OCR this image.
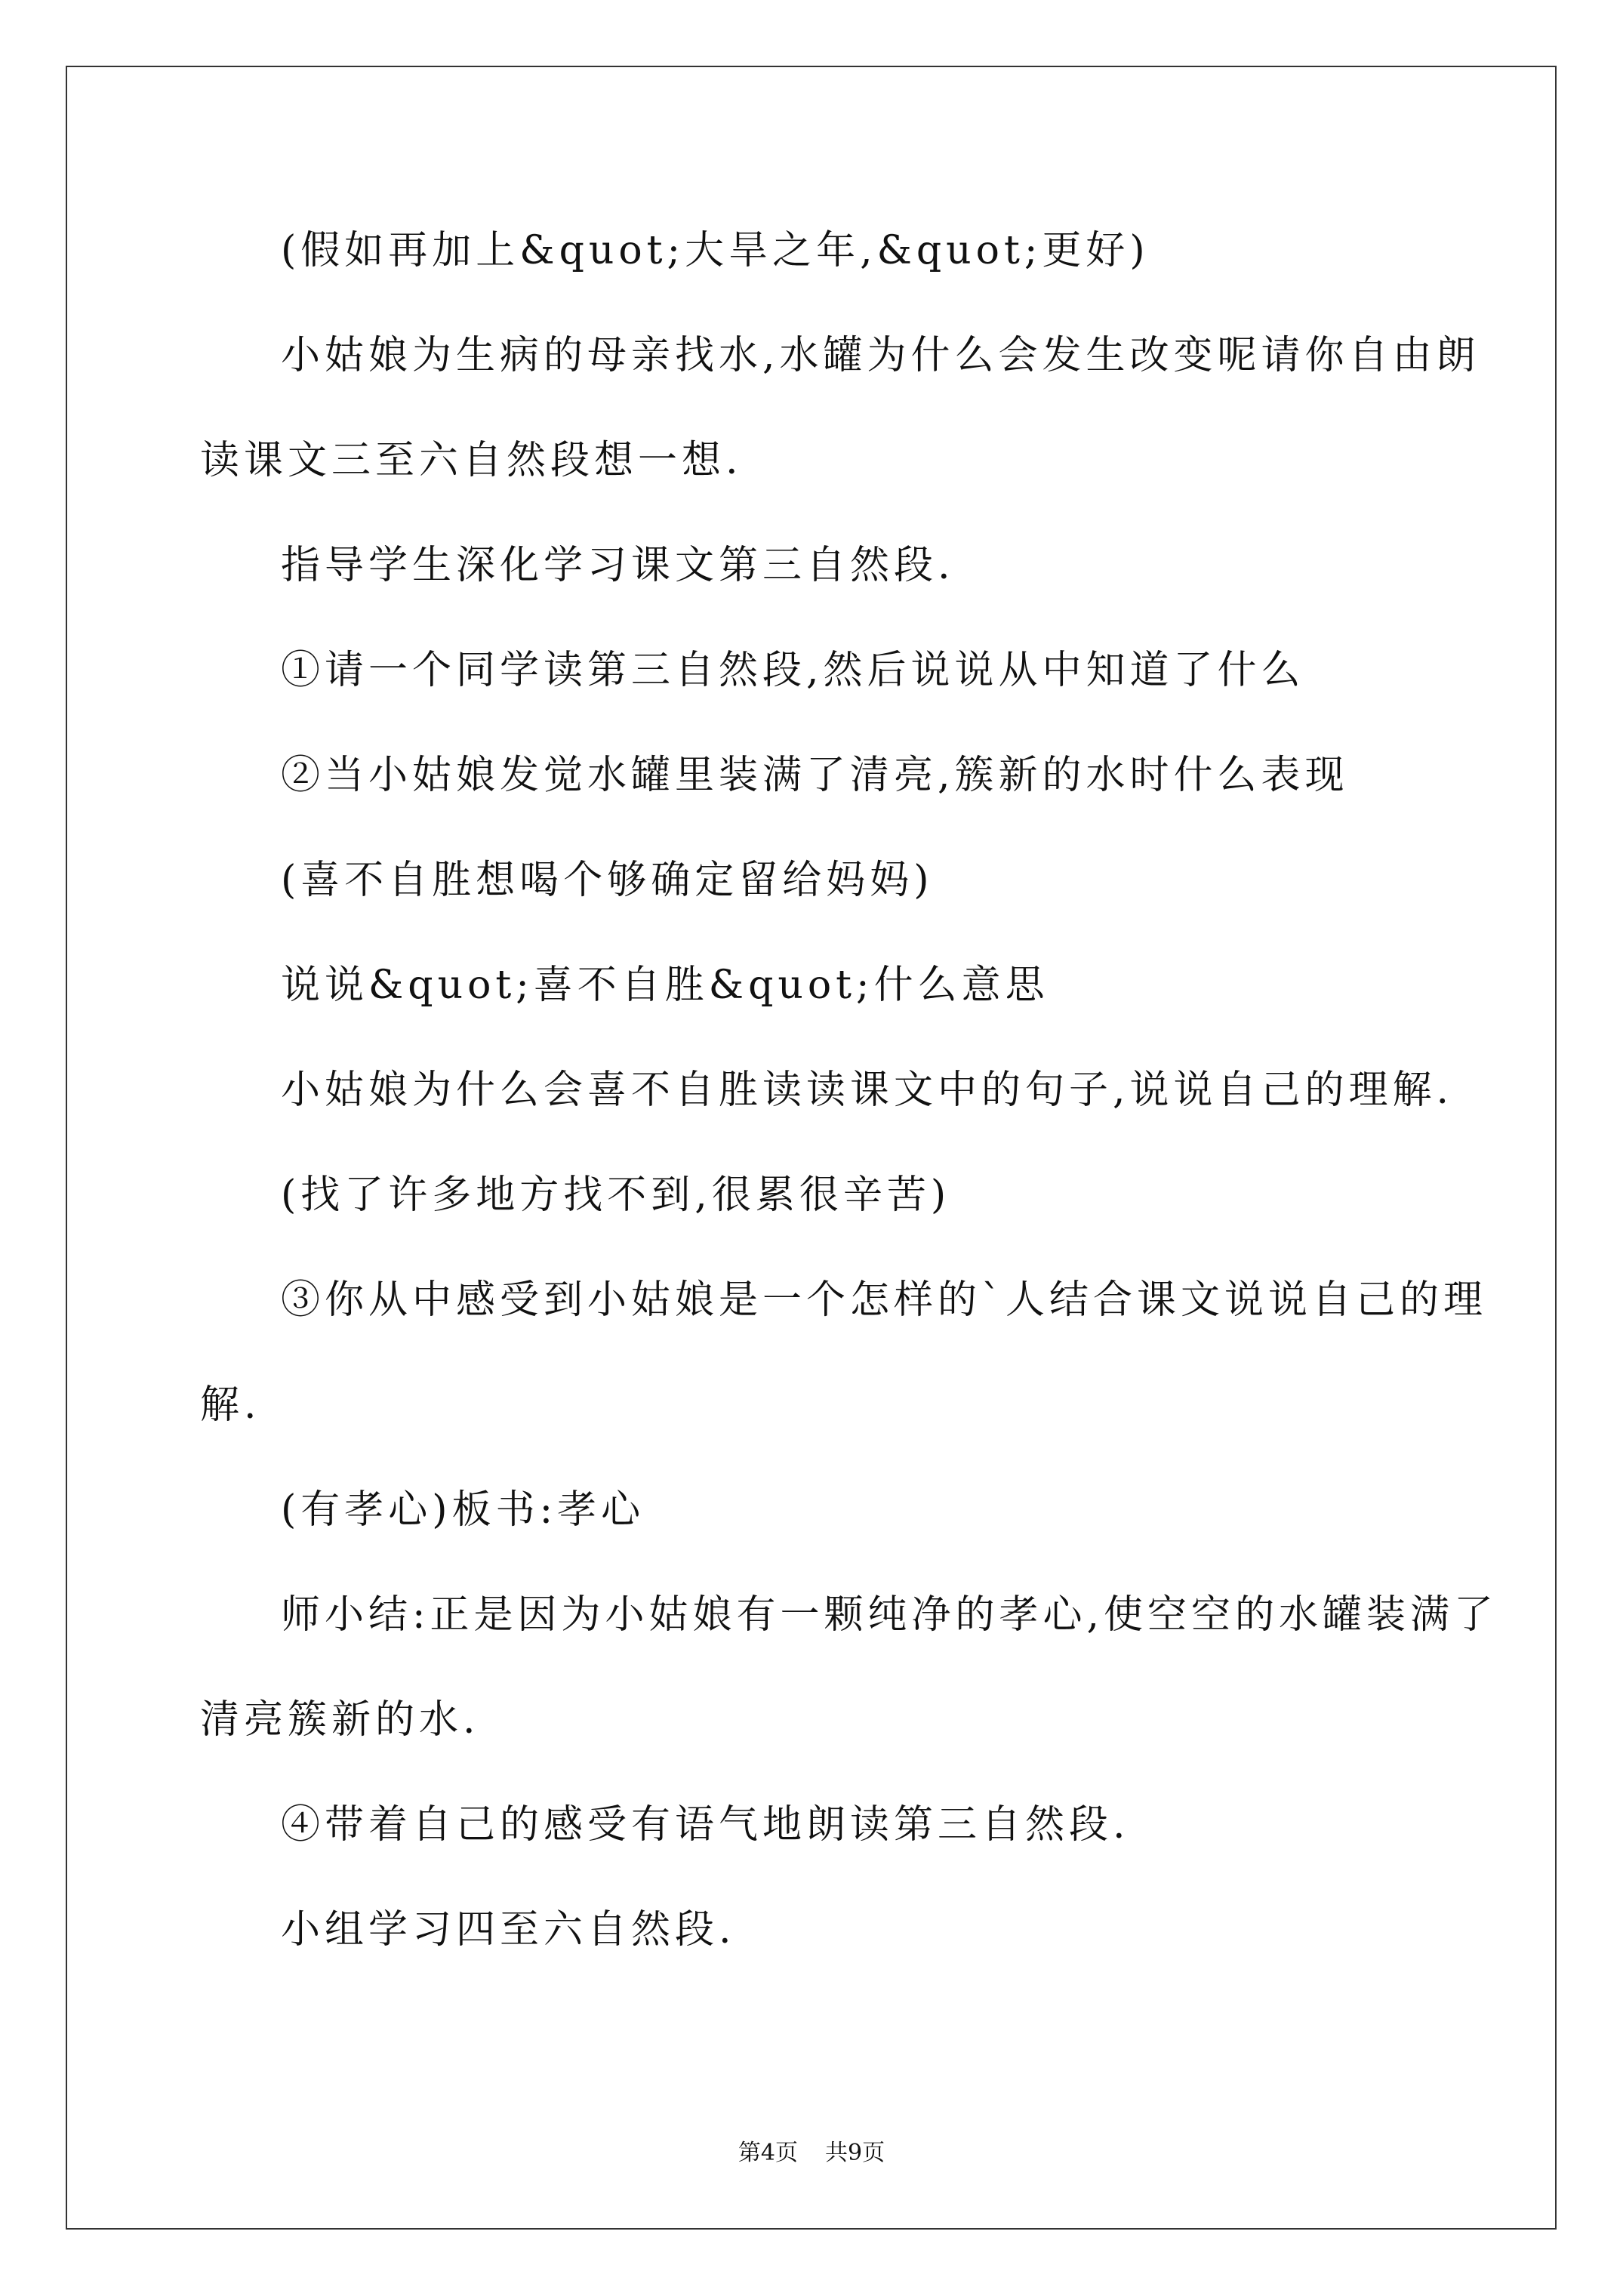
(假如再加上&quot;大旱之年,&quot;更好)
小姑娘为生病的母亲找水,水罐为什么会发生改变呢请你自由朗
读课文三至六自然段想一想.
指导学生深化学习课文第三自然段.
①请一个同学读第三自然段,然后说说从中知道了什么
②当小姑娘发觉水罐里装满了清亮,簇新的水时什么表现
(喜不自胜想喝个够确定留给妈妈)
说说&quot;喜不自胜&quot;什么意思
小姑娘为什么会喜不自胜读读课文中的句子,说说自己的理解.
(找了许多地方找不到,很累很辛苦)
③你从中感受到小姑娘是一个怎样的`人结合课文说说自己的理
解.
(有孝心)板书:孝心
师小结:正是因为小姑娘有一颗纯净的孝心,使空空的水罐装满了
清亮簇新的水.
④带着自己的感受有语气地朗读第三自然段.
小组学习四至六自然段.
第4页 共9页
